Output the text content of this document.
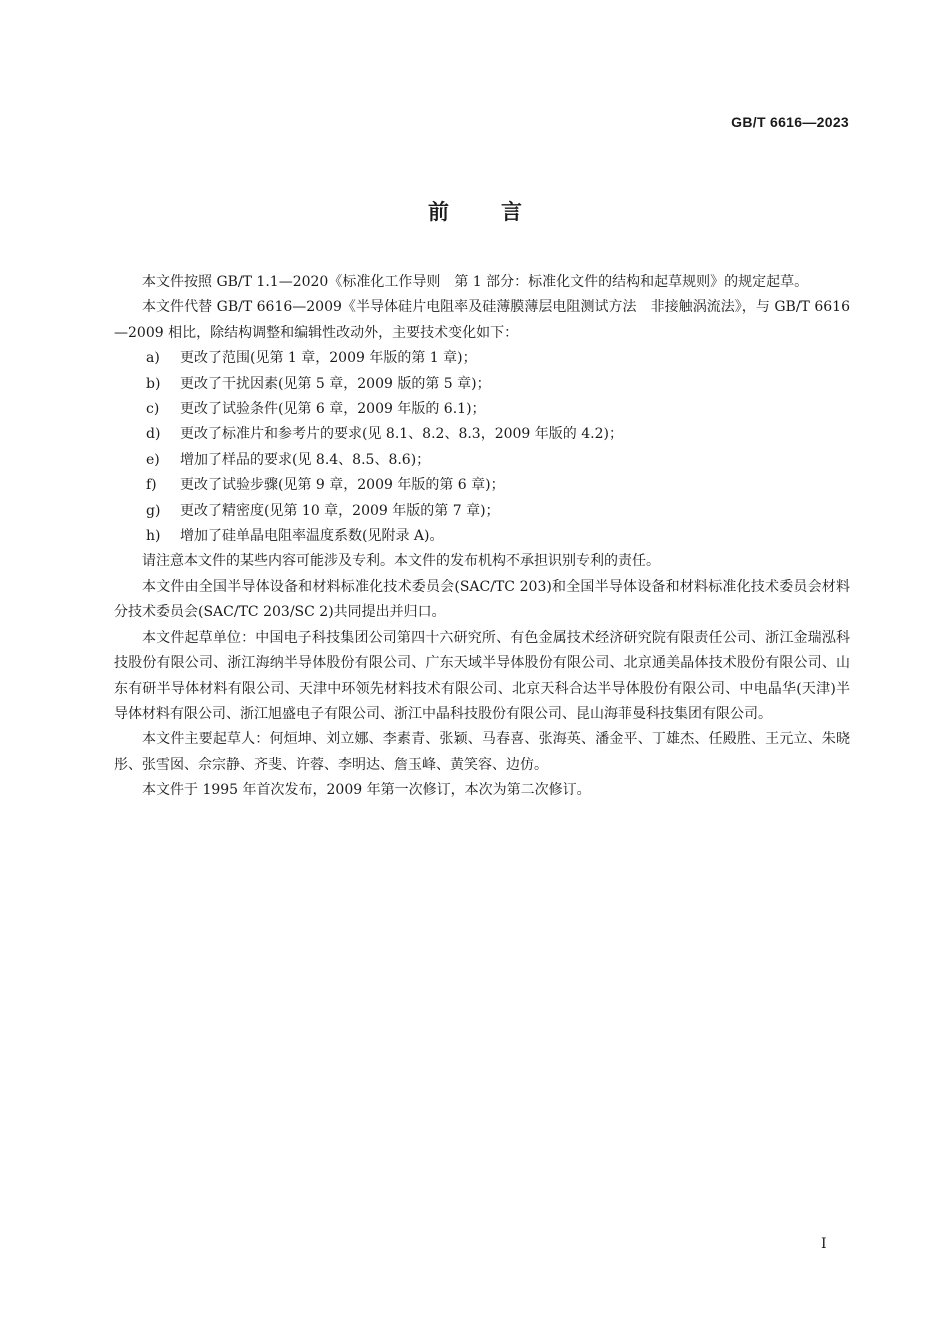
GB/T 6616—2023
前 言

本文件按照 GB/T 1.1—2020《标准化工作导则　第 1 部分：标准化文件的结构和起草规则》的规定起草。

本文件代替 GB/T 6616—2009《半导体硅片电阻率及硅薄膜薄层电阻测试方法　非接触涡流法》，与 GB/T 6616—2009 相比，除结构调整和编辑性改动外，主要技术变化如下：

a)	更改了范围(见第 1 章，2009 年版的第 1 章)；
b)	更改了干扰因素(见第 5 章，2009 版的第 5 章)；
c)	更改了试验条件(见第 6 章，2009 年版的 6.1)；
d)	更改了标准片和参考片的要求(见 8.1、8.2、8.3，2009 年版的 4.2)；
e)	增加了样品的要求(见 8.4、8.5、8.6)；
f)	更改了试验步骤(见第 9 章，2009 年版的第 6 章)；
g)	更改了精密度(见第 10 章，2009 年版的第 7 章)；
h)	增加了硅单晶电阻率温度系数(见附录 A)。

请注意本文件的某些内容可能涉及专利。本文件的发布机构不承担识别专利的责任。

本文件由全国半导体设备和材料标准化技术委员会(SAC/TC 203)和全国半导体设备和材料标准化技术委员会材料分技术委员会(SAC/TC 203/SC 2)共同提出并归口。

本文件起草单位：中国电子科技集团公司第四十六研究所、有色金属技术经济研究院有限责任公司、浙江金瑞泓科技股份有限公司、浙江海纳半导体股份有限公司、广东天域半导体股份有限公司、北京通美晶体技术股份有限公司、山东有研半导体材料有限公司、天津中环领先材料技术有限公司、北京天科合达半导体股份有限公司、中电晶华(天津)半导体材料有限公司、浙江旭盛电子有限公司、浙江中晶科技股份有限公司、昆山海菲曼科技集团有限公司。

本文件主要起草人：何烜坤、刘立娜、李素青、张颖、马春喜、张海英、潘金平、丁雄杰、任殿胜、王元立、朱晓彤、张雪囡、佘宗静、齐斐、许蓉、李明达、詹玉峰、黄笑容、边仿。

本文件于 1995 年首次发布，2009 年第一次修订，本次为第二次修订。

I
